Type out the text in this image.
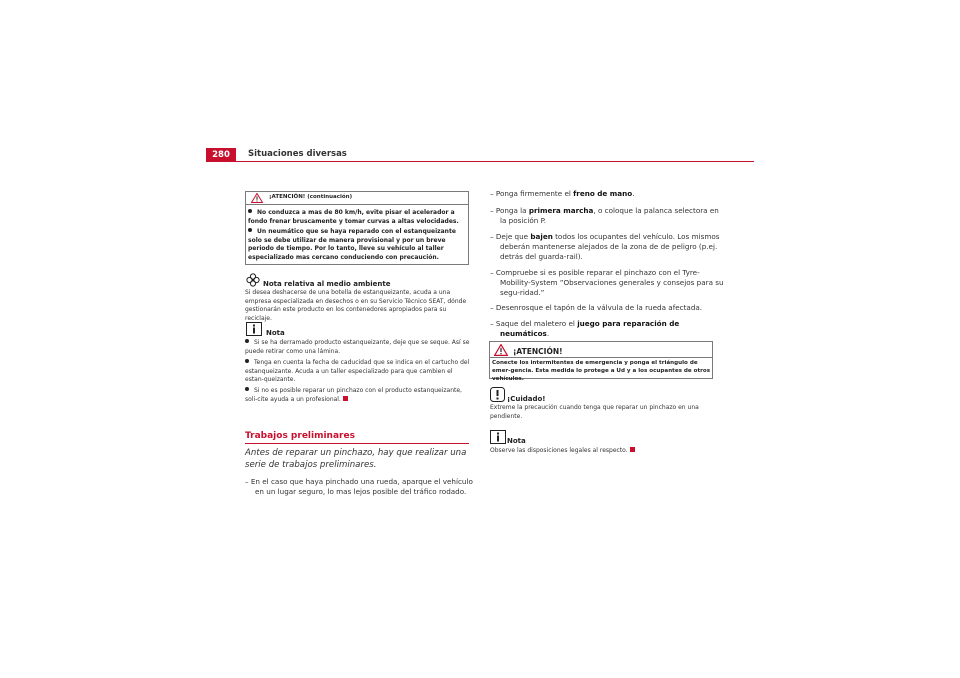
280	Situaciones diversas
¡ATENCIÓN! (continuación)
No conduzca a mas de 80 km/h, evite pisar el acelerador a fondo frenar bruscamente y tomar curvas a altas velocidades.
Un neumático que se haya reparado con el estanqueizante solo se debe utilizar de manera provisional y por un breve periodo de tiempo. Por lo tanto, lleve su vehículo al taller especializado mas cercano conduciendo con precaución.
Nota relativa al medio ambiente
Si desea deshacerse de una botella de estanqueizante, acuda a una empresa especializada en desechos o en su Servicio Técnico SEAT, dónde gestionarán este producto en los contenedores apropiados para su reciclaje.
Nota
Si se ha derramado producto estanqueizante, deje que se seque. Así se puede retirar como una lámina.
Tenga en cuenta la fecha de caducidad que se indica en el cartucho del estanqueizante. Acuda a un taller especializado para que cambien el estan-queizante.
Si no es posible reparar un pinchazo con el producto estanqueizante, soli-cite ayuda a un profesional.
Trabajos preliminares
Antes de reparar un pinchazo, hay que realizar una serie de trabajos preliminares.
– En el caso que haya pinchado una rueda, aparque el vehículo en un lugar seguro, lo mas lejos posible del tráfico rodado.
– Ponga firmemente el freno de mano.
– Ponga la primera marcha, o coloque la palanca selectora en la posición P.
– Deje que bajen todos los ocupantes del vehículo. Los mismos deberán mantenerse alejados de la zona de de peligro (p.ej. detrás del guarda-rail).
– Compruebe si es posible reparar el pinchazo con el Tyre-Mobility-System ”Observaciones generales y consejos para su segu-ridad.”
– Desenrosque el tapón de la válvula de la rueda afectada.
– Saque del maletero el juego para reparación de neumáticos.
¡ATENCIÓN!
Conecte los intermitentes de emergencia y ponga el triángulo de emer-gencia. Esta medida lo protege a Ud y a los ocupantes de otros vehículos.
¡Cuidado!
Extreme la precaución cuando tenga que reparar un pinchazo en una pendiente.
Nota
Observe las disposiciones legales al respecto.
